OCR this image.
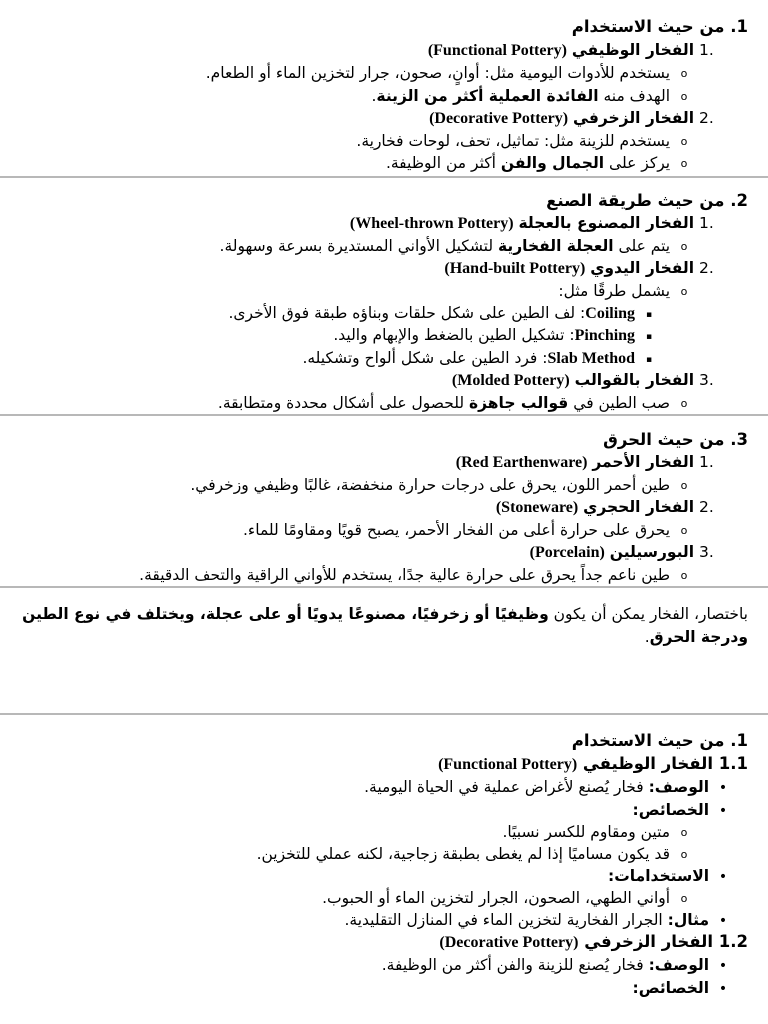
1. من حيث الاستخدام
1. الفخار الوظيفي (Functional Pottery)
o يستخدم للأدوات اليومية مثل: أوانٍ، صحون، جرار لتخزين الماء أو الطعام.
o الهدف منه الفائدة العملية أكثر من الزينة.
2. الفخار الزخرفي (Decorative Pottery)
o يستخدم للزينة مثل: تماثيل، تحف، لوحات فخارية.
o يركز على الجمال والفن أكثر من الوظيفة.
2. من حيث طريقة الصنع
1. الفخار المصنوع بالعجلة (Wheel-thrown Pottery)
o يتم على العجلة الفخارية لتشكيل الأواني المستديرة بسرعة وسهولة.
2. الفخار اليدوي (Hand-built Pottery)
o يشمل طرقًا مثل:
▪ Coiling: لف الطين على شكل حلقات وبناؤه طبقة فوق الأخرى.
▪ Pinching: تشكيل الطين بالضغط والإبهام واليد.
▪ Slab Method: فرد الطين على شكل ألواح وتشكيله.
3. الفخار بالقوالب (Molded Pottery)
o صب الطين في قوالب جاهزة للحصول على أشكال محددة ومتطابقة.
3. من حيث الحرق
1. الفخار الأحمر (Red Earthenware)
o طين أحمر اللون، يحرق على درجات حرارة منخفضة، غالبًا وظيفي وزخرفي.
2. الفخار الحجري (Stoneware)
o يحرق على حرارة أعلى من الفخار الأحمر، يصبح قويًا ومقاومًا للماء.
3. البورسيلين (Porcelain)
o طين ناعم جداً يحرق على حرارة عالية جدًا، يستخدم للأواني الراقية والتحف الدقيقة.
باختصار، الفخار يمكن أن يكون وظيفيًا أو زخرفيًا، مصنوعًا يدويًا أو على عجلة، ويختلف في نوع الطين ودرجة الحرق.
1. من حيث الاستخدام
1.1 الفخار الوظيفي (Functional Pottery)
• الوصف: فخار يُصنع لأغراض عملية في الحياة اليومية.
• الخصائص:
o متين ومقاوم للكسر نسبيًا.
o قد يكون مساميًا إذا لم يغطى بطبقة زجاجية، لكنه عملي للتخزين.
• الاستخدامات:
o أواني الطهي، الصحون، الجرار لتخزين الماء أو الحبوب.
• مثال: الجرار الفخارية لتخزين الماء في المنازل التقليدية.
1.2 الفخار الزخرفي (Decorative Pottery)
• الوصف: فخار يُصنع للزينة والفن أكثر من الوظيفة.
• الخصائص:
